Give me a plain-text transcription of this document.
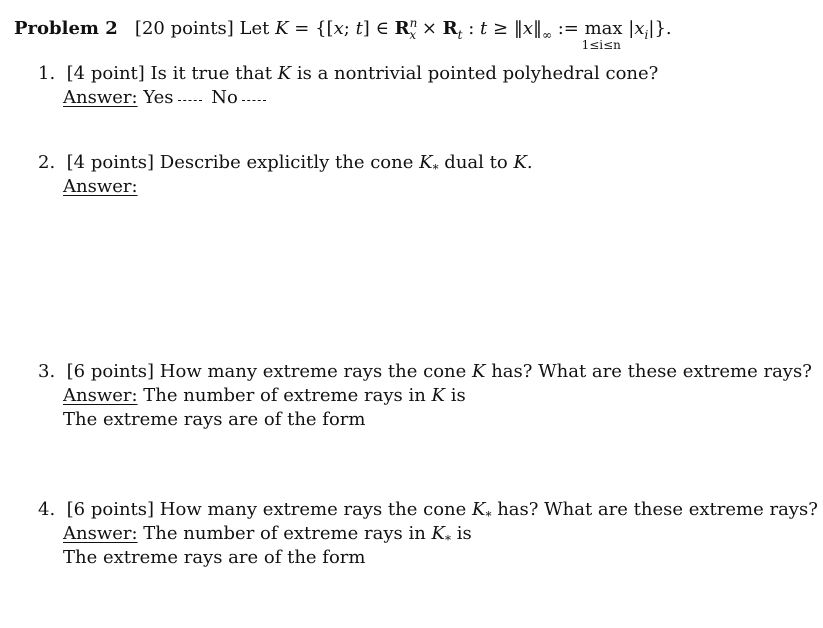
Problem 2 [20 points] Let K = {[x; t] ∈ $R^n_x \times R_t$ : $t \ge ‖x‖_\infty$ := max
1≤i≤n
$|x_i|$}.
1. [4 point] Is it true that K is a nontrivial pointed polyhedral cone?
Answer: Yes No
2. [4 points] Describe explicitly the cone $K_*$ dual to K.
Answer:
3. [6 points] How many extreme rays the cone K has? What are these extreme rays?
Answer: The number of extreme rays in K is
The extreme rays are of the form
4. [6 points] How many extreme rays the cone $K_*$ has? What are these extreme rays?
Answer: The number of extreme rays in $K_*$ is
The extreme rays are of the form
